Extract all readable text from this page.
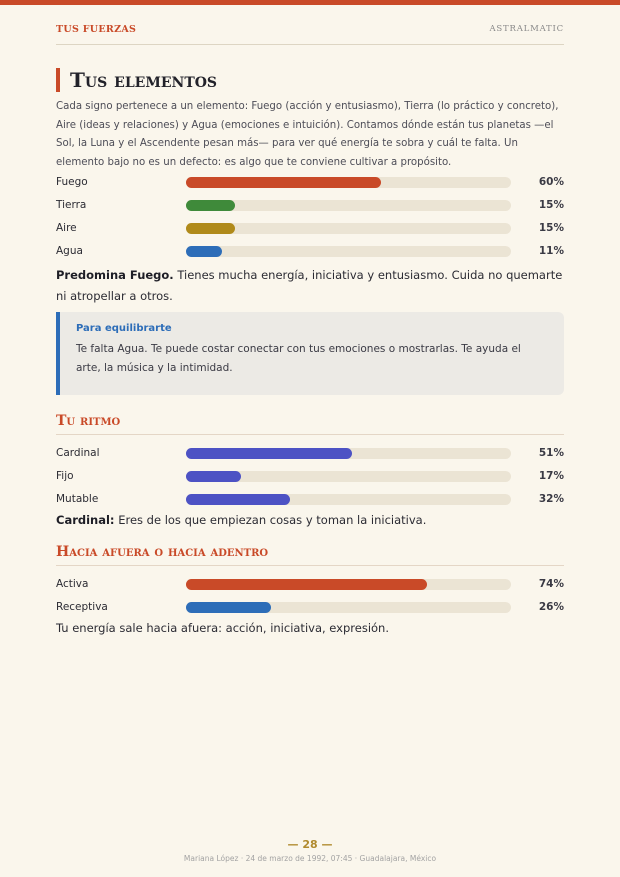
TUS FUERZAS	ASTRALMATIC
Tus elementos
Cada signo pertenece a un elemento: Fuego (acción y entusiasmo), Tierra (lo práctico y concreto), Aire (ideas y relaciones) y Agua (emociones e intuición). Contamos dónde están tus planetas —el Sol, la Luna y el Ascendente pesan más— para ver qué energía te sobra y cuál te falta. Un elemento bajo no es un defecto: es algo que te conviene cultivar a propósito.
Fuego	60%
Tierra	15%
Aire	15%
Agua	11%
Predomina Fuego. Tienes mucha energía, iniciativa y entusiasmo. Cuida no quemarte ni atropellar a otros.
Para equilibrarte
Te falta Agua. Te puede costar conectar con tus emociones o mostrarlas. Te ayuda el arte, la música y la intimidad.
Tu ritmo
Cardinal	51%
Fijo	17%
Mutable	32%
Cardinal: Eres de los que empiezan cosas y toman la iniciativa.
Hacia afuera o hacia adentro
Activa	74%
Receptiva	26%
Tu energía sale hacia afuera: acción, iniciativa, expresión.
— 28 —
Mariana López · 24 de marzo de 1992, 07:45 · Guadalajara, México
